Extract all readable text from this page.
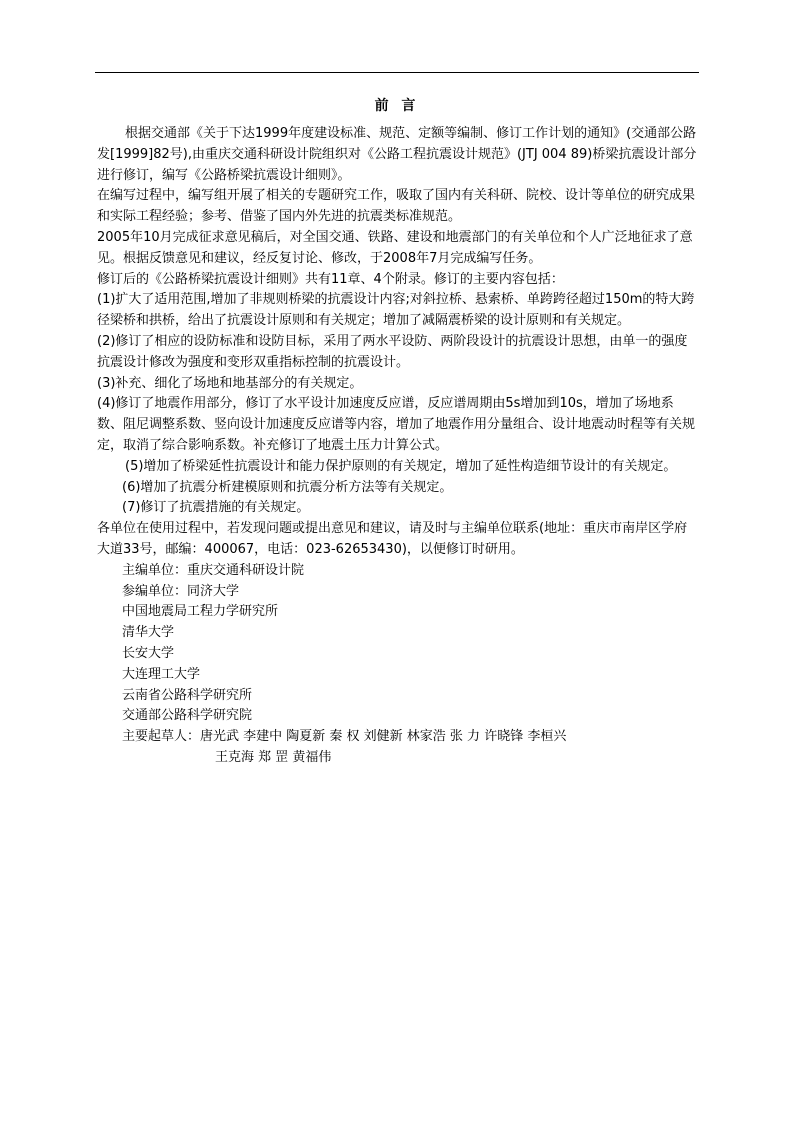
前 言

根据交通部《关于下达1999年度建设标准、规范、定额等编制、修订工作计划的通知》(交通部公路发[1999]82号),由重庆交通科研设计院组织对《公路工程抗震设计规范》(JTJ 004 89)桥梁抗震设计部分进行修订，编写《公路桥梁抗震设计细则》。

在编写过程中，编写组开展了相关的专题研究工作，吸取了国内有关科研、院校、设计等单位的研究成果和实际工程经验；参考、借鉴了国内外先进的抗震类标准规范。

2005年10月完成征求意见稿后，对全国交通、铁路、建设和地震部门的有关单位和个人广泛地征求了意见。根据反馈意见和建议，经反复讨论、修改，于2008年7月完成编写任务。

修订后的《公路桥梁抗震设计细则》共有11章、4个附录。修订的主要内容包括：

(1)扩大了适用范围,增加了非规则桥梁的抗震设计内容;对斜拉桥、悬索桥、单跨跨径超过150m的特大跨径梁桥和拱桥，给出了抗震设计原则和有关规定；增加了减隔震桥梁的设计原则和有关规定。

(2)修订了相应的设防标准和设防目标，采用了两水平设防、两阶段设计的抗震设计思想，由单一的强度抗震设计修改为强度和变形双重指标控制的抗震设计。

(3)补充、细化了场地和地基部分的有关规定。

(4)修订了地震作用部分，修订了水平设计加速度反应谱，反应谱周期由5s增加到10s，增加了场地系数、阻尼调整系数、竖向设计加速度反应谱等内容，增加了地震作用分量组合、设计地震动时程等有关规定，取消了综合影响系数。补充修订了地震土压力计算公式。

(5)增加了桥梁延性抗震设计和能力保护原则的有关规定，增加了延性构造细节设计的有关规定。

(6)增加了抗震分析建模原则和抗震分析方法等有关规定。

(7)修订了抗震措施的有关规定。

各单位在使用过程中，若发现问题或提出意见和建议，请及时与主编单位联系(地址：重庆市南岸区学府大道33号，邮编：400067，电话：023-62653430)，以便修订时研用。

主编单位：重庆交通科研设计院

参编单位：同济大学

中国地震局工程力学研究所

清华大学

长安大学

大连理工大学

云南省公路科学研究所

交通部公路科学研究院

主要起草人：唐光武 李建中 陶夏新 秦 权 刘健新 林家浩 张 力 许晓锋 李桓兴
王克海 郑 罡 黄福伟
